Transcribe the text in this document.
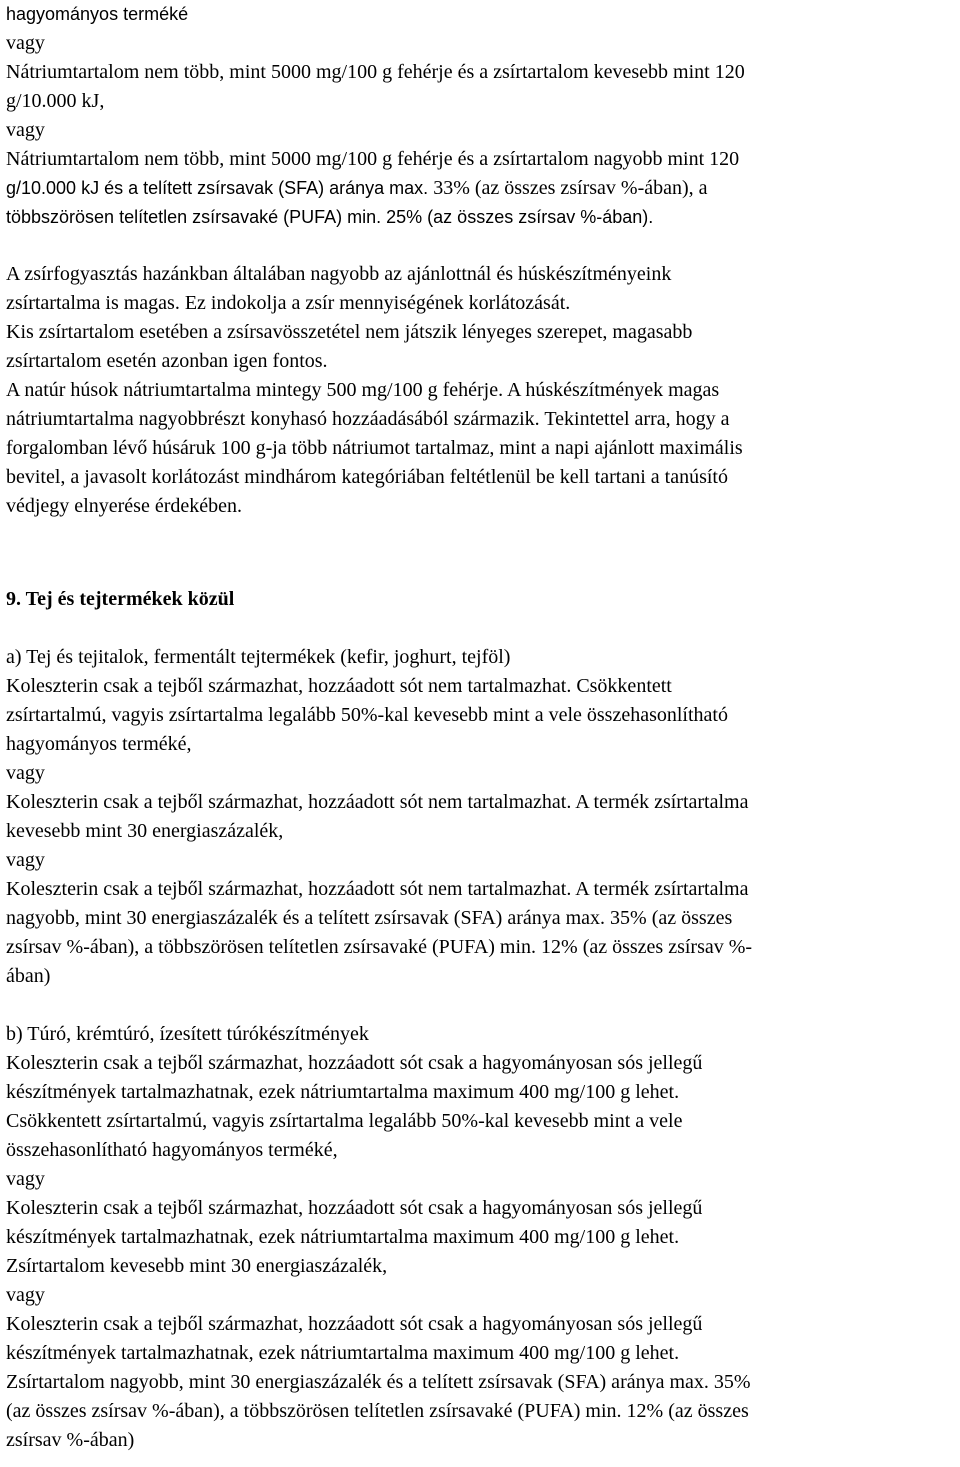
hagyományos terméké
vagy
Nátriumtartalom nem több, mint 5000 mg/100 g fehérje és a zsírtartalom kevesebb mint 120
g/10.000 kJ,
vagy
Nátriumtartalom nem több, mint 5000 mg/100 g fehérje és a zsírtartalom nagyobb mint 120
g/10.000 kJ és a telített zsírsavak (SFA) aránya max. 33% (az összes zsírsav %-ában), a
többszörösen telítetlen zsírsavaké (PUFA) min. 25% (az összes zsírsav %-ában).
A zsírfogyasztás hazánkban általában nagyobb az ajánlottnál és húskészítményeink
zsírtartalma is magas. Ez indokolja a zsír mennyiségének korlátozását.
Kis zsírtartalom esetében a zsírsavösszetétel nem játszik lényeges szerepet, magasabb
zsírtartalom esetén azonban igen fontos.
A natúr húsok nátriumtartalma mintegy 500 mg/100 g fehérje. A húskészítmények magas
nátriumtartalma nagyobbrészt konyhasó hozzáadásából származik. Tekintettel arra, hogy a
forgalomban lévő húsáruk 100 g-ja több nátriumot tartalmaz, mint a napi ajánlott maximális
bevitel, a javasolt korlátozást mindhárom kategóriában feltétlenül be kell tartani a tanúsító
védjegy elnyerése érdekében.
9. Tej és tejtermékek közül
a) Tej és tejitalok, fermentált tejtermékek (kefir, joghurt, tejföl)
Koleszterin csak a tejből származhat, hozzáadott sót nem tartalmazhat. Csökkentett
zsírtartalmú, vagyis zsírtartalma legalább 50%-kal kevesebb mint a vele összehasonlítható
hagyományos terméké,
vagy
Koleszterin csak a tejből származhat, hozzáadott sót nem tartalmazhat. A termék zsírtartalma
kevesebb mint 30 energiaszázalék,
vagy
Koleszterin csak a tejből származhat, hozzáadott sót nem tartalmazhat. A termék zsírtartalma
nagyobb, mint 30 energiaszázalék és a telített zsírsavak (SFA) aránya max. 35% (az összes
zsírsav %-ában), a többszörösen telítetlen zsírsavaké (PUFA) min. 12% (az összes zsírsav %-
ában)
b) Túró, krémtúró, ízesített túrókészítmények
Koleszterin csak a tejből származhat, hozzáadott sót csak a hagyományosan sós jellegű
készítmények tartalmazhatnak, ezek nátriumtartalma maximum 400 mg/100 g lehet.
Csökkentett zsírtartalmú, vagyis zsírtartalma legalább 50%-kal kevesebb mint a vele
összehasonlítható hagyományos terméké,
vagy
Koleszterin csak a tejből származhat, hozzáadott sót csak a hagyományosan sós jellegű
készítmények tartalmazhatnak, ezek nátriumtartalma maximum 400 mg/100 g lehet.
Zsírtartalom kevesebb mint 30 energiaszázalék,
vagy
Koleszterin csak a tejből származhat, hozzáadott sót csak a hagyományosan sós jellegű
készítmények tartalmazhatnak, ezek nátriumtartalma maximum 400 mg/100 g lehet.
Zsírtartalom nagyobb, mint 30 energiaszázalék és a telített zsírsavak (SFA) aránya max. 35%
(az összes zsírsav %-ában), a többszörösen telítetlen zsírsavaké (PUFA) min. 12% (az összes
zsírsav %-ában)
